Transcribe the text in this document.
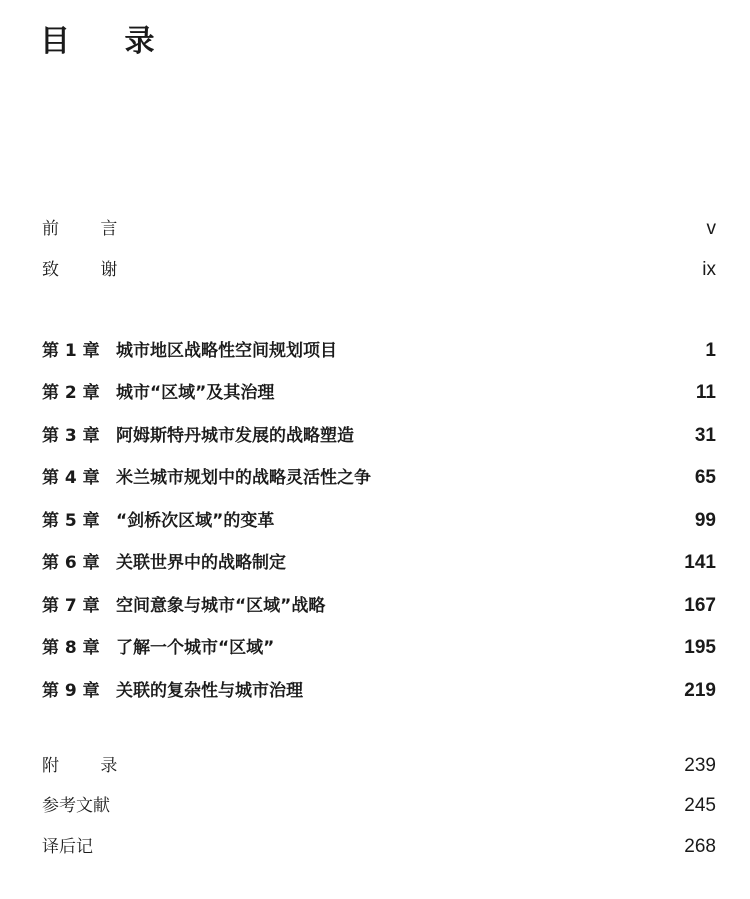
目 录
前 言	v
致 谢	ix
第 1 章 城市地区战略性空间规划项目	1
第 2 章 城市“区域”及其治理	11
第 3 章 阿姆斯特丹城市发展的战略塑造	31
第 4 章 米兰城市规划中的战略灵活性之争	65
第 5 章 “剑桥次区域”的变革	99
第 6 章 关联世界中的战略制定	141
第 7 章 空间意象与城市“区域”战略	167
第 8 章 了解一个城市“区域”	195
第 9 章 关联的复杂性与城市治理	219
附 录	239
参考文献	245
译后记	268
